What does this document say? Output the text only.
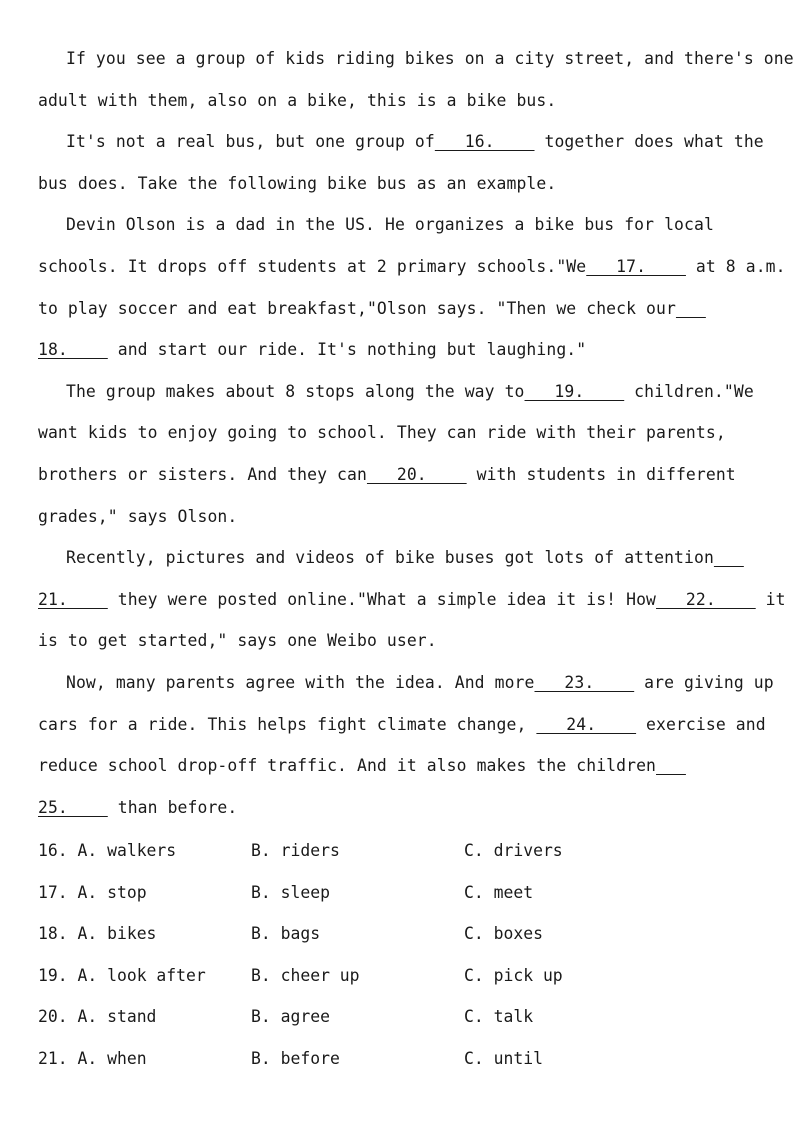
If you see a group of kids riding bikes on a city street, and there's one
adult with them, also on a bike, this is a bike bus.
It's not a real bus, but one group of   16.     together does what the
bus does. Take the following bike bus as an example.
Devin Olson is a dad in the US. He organizes a bike bus for local
schools. It drops off students at 2 primary schools."We   17.     at 8 a.m.
to play soccer and eat breakfast,"Olson says. "Then we check our
18.     and start our ride. It's nothing but laughing."
The group makes about 8 stops along the way to   19.     children."We
want kids to enjoy going to school. They can ride with their parents,
brothers or sisters. And they can   20.     with students in different
grades," says Olson.
Recently, pictures and videos of bike buses got lots of attention
21.     they were posted online."What a simple idea it is! How   22.     it
is to get started," says one Weibo user.
Now, many parents agree with the idea. And more   23.     are giving up
cars for a ride. This helps fight climate change,    24.     exercise and
reduce school drop-off traffic. And it also makes the children
25.     than before.
16. A. walkers	B. riders	C. drivers
17. A. stop	B. sleep	C. meet
18. A. bikes	B. bags	C. boxes
19. A. look after	B. cheer up	C. pick up
20. A. stand	B. agree	C. talk
21. A. when	B. before	C. until
